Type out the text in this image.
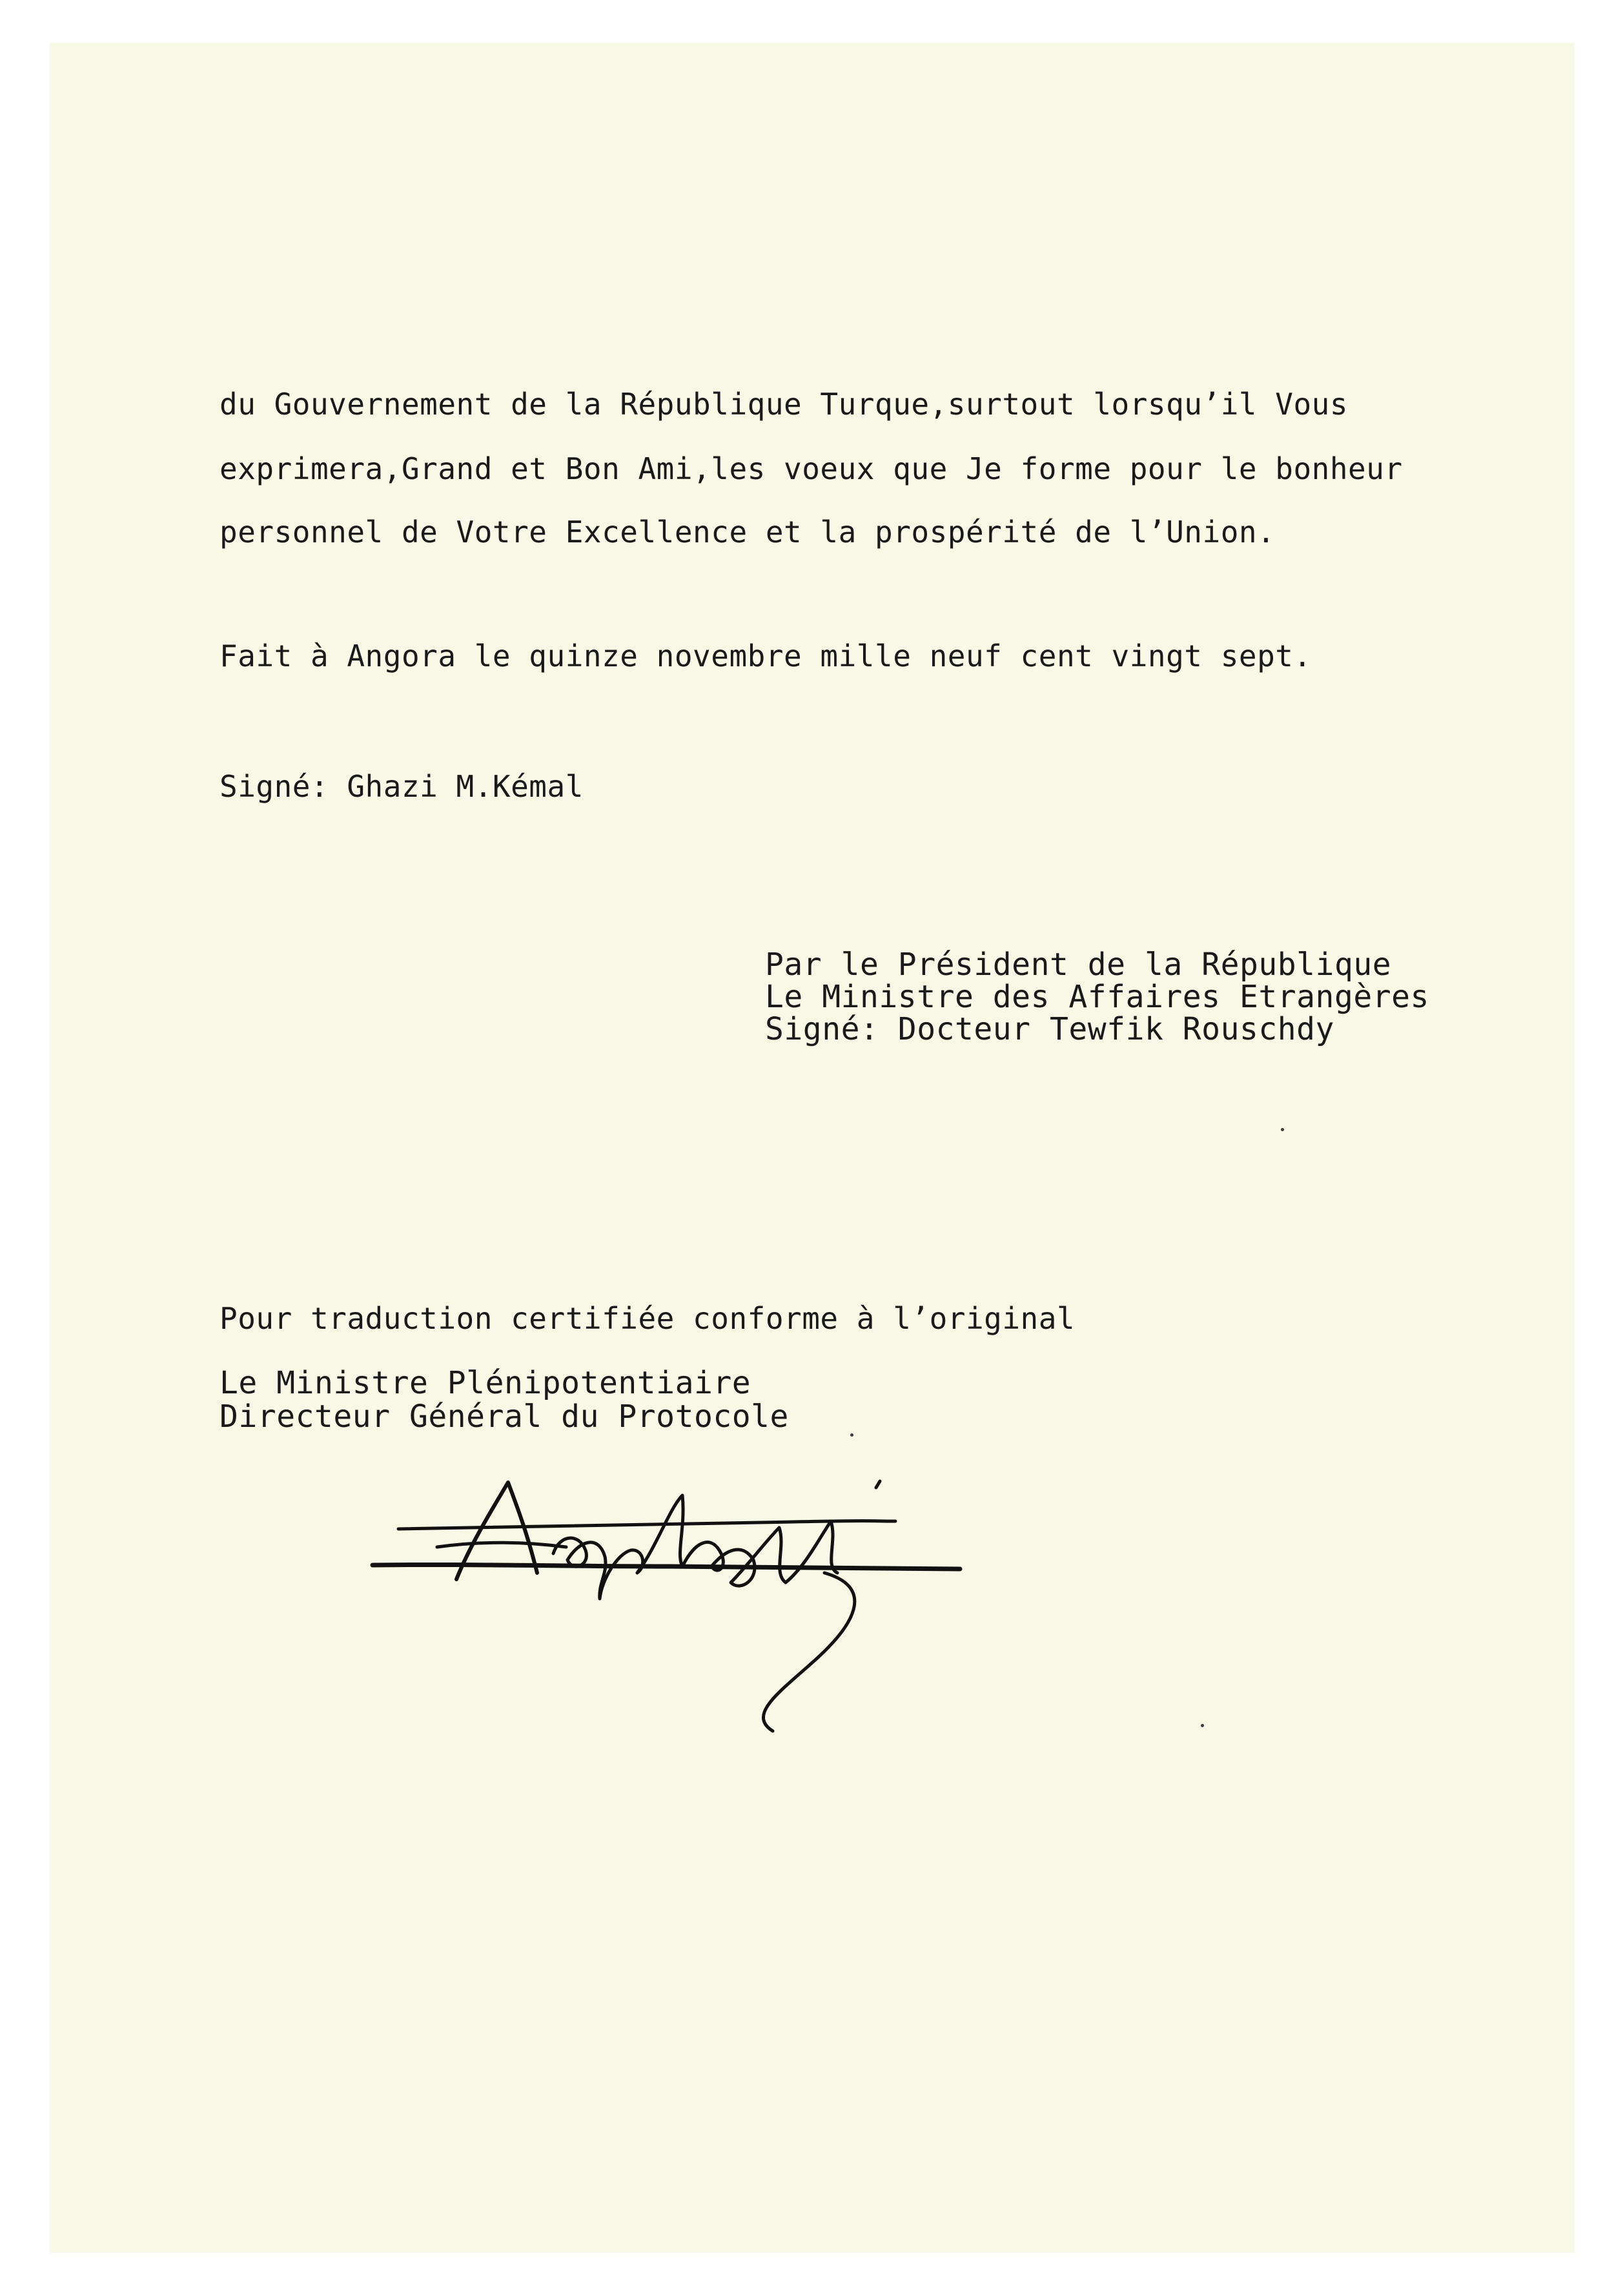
du Gouvernement de la République Turque,surtout lorsqu’il Vous
exprimera,Grand et Bon Ami,les voeux que Je forme pour le bonheur
personnel de Votre Excellence et la prospérité de l’Union.
Fait à Angora le quinze novembre mille neuf cent vingt sept.
Signé: Ghazi M.Kémal
Par le Président de la République
Le Ministre des Affaires Etrangères
Signé: Docteur Tewfik Rouschdy
Pour traduction certifiée conforme à l’original
Le Ministre Plénipotentiaire
Directeur Général du Protocole
